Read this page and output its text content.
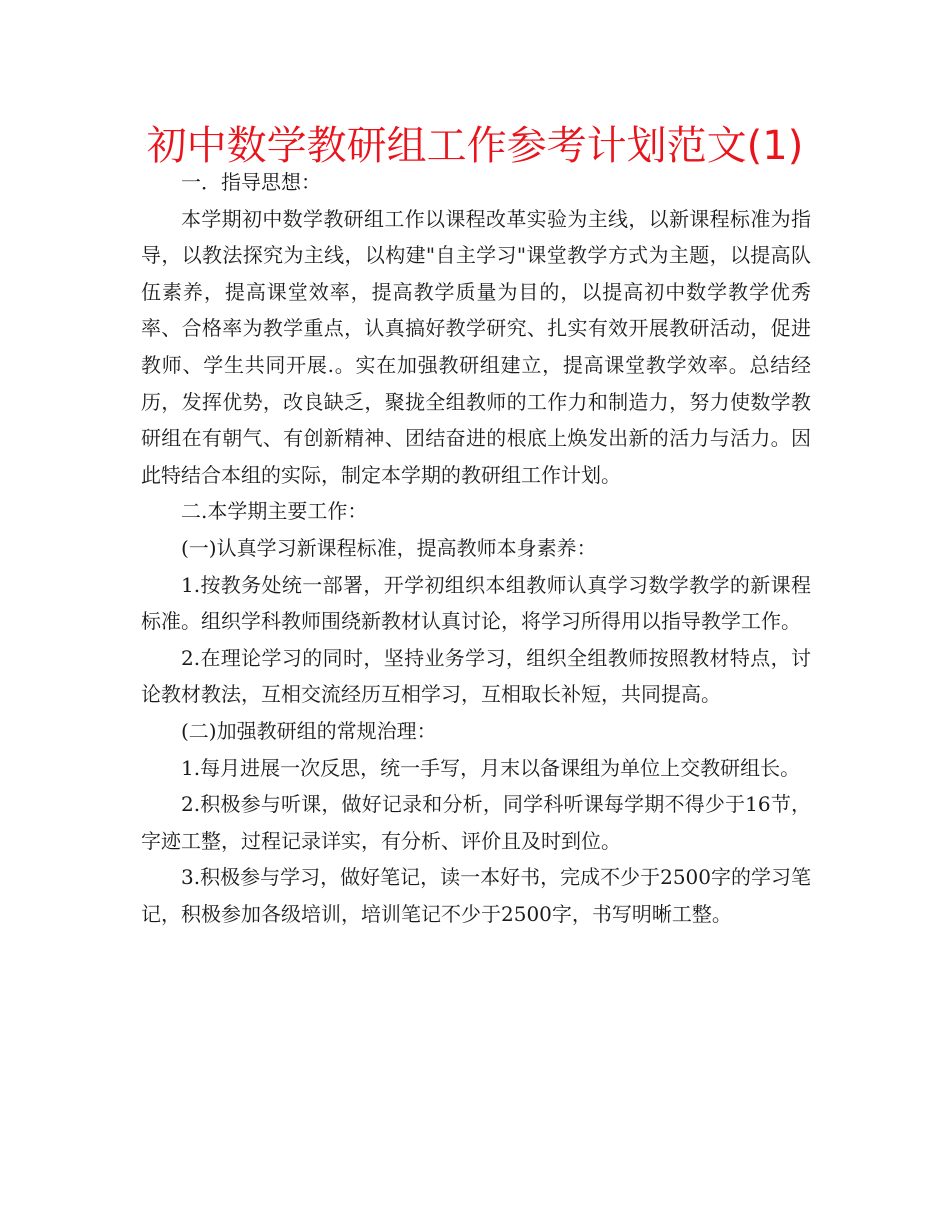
初中数学教研组工作参考计划范文(1)

一．指导思想：

本学期初中数学教研组工作以课程改革实验为主线，以新课程标准为指导，以教法探究为主线，以构建"自主学习"课堂教学方式为主题，以提高队伍素养，提高课堂效率，提高教学质量为目的，以提高初中数学教学优秀率、合格率为教学重点，认真搞好教学研究、扎实有效开展教研活动，促进教师、学生共同开展.。实在加强教研组建立，提高课堂教学效率。总结经历，发挥优势，改良缺乏，聚拢全组教师的工作力和制造力，努力使数学教研组在有朝气、有创新精神、团结奋进的根底上焕发出新的活力与活力。因此特结合本组的实际，制定本学期的教研组工作计划。

二.本学期主要工作：

(一)认真学习新课程标准，提高教师本身素养：

1.按教务处统一部署，开学初组织本组教师认真学习数学教学的新课程标准。组织学科教师围绕新教材认真讨论，将学习所得用以指导教学工作。

2.在理论学习的同时，坚持业务学习，组织全组教师按照教材特点，讨论教材教法，互相交流经历互相学习，互相取长补短，共同提高。

(二)加强教研组的常规治理：

1.每月进展一次反思，统一手写，月末以备课组为单位上交教研组长。

2.积极参与听课，做好记录和分析，同学科听课每学期不得少于16节，字迹工整，过程记录详实，有分析、评价且及时到位。

3.积极参与学习，做好笔记，读一本好书，完成不少于2500字的学习笔记，积极参加各级培训，培训笔记不少于2500字，书写明晰工整。
